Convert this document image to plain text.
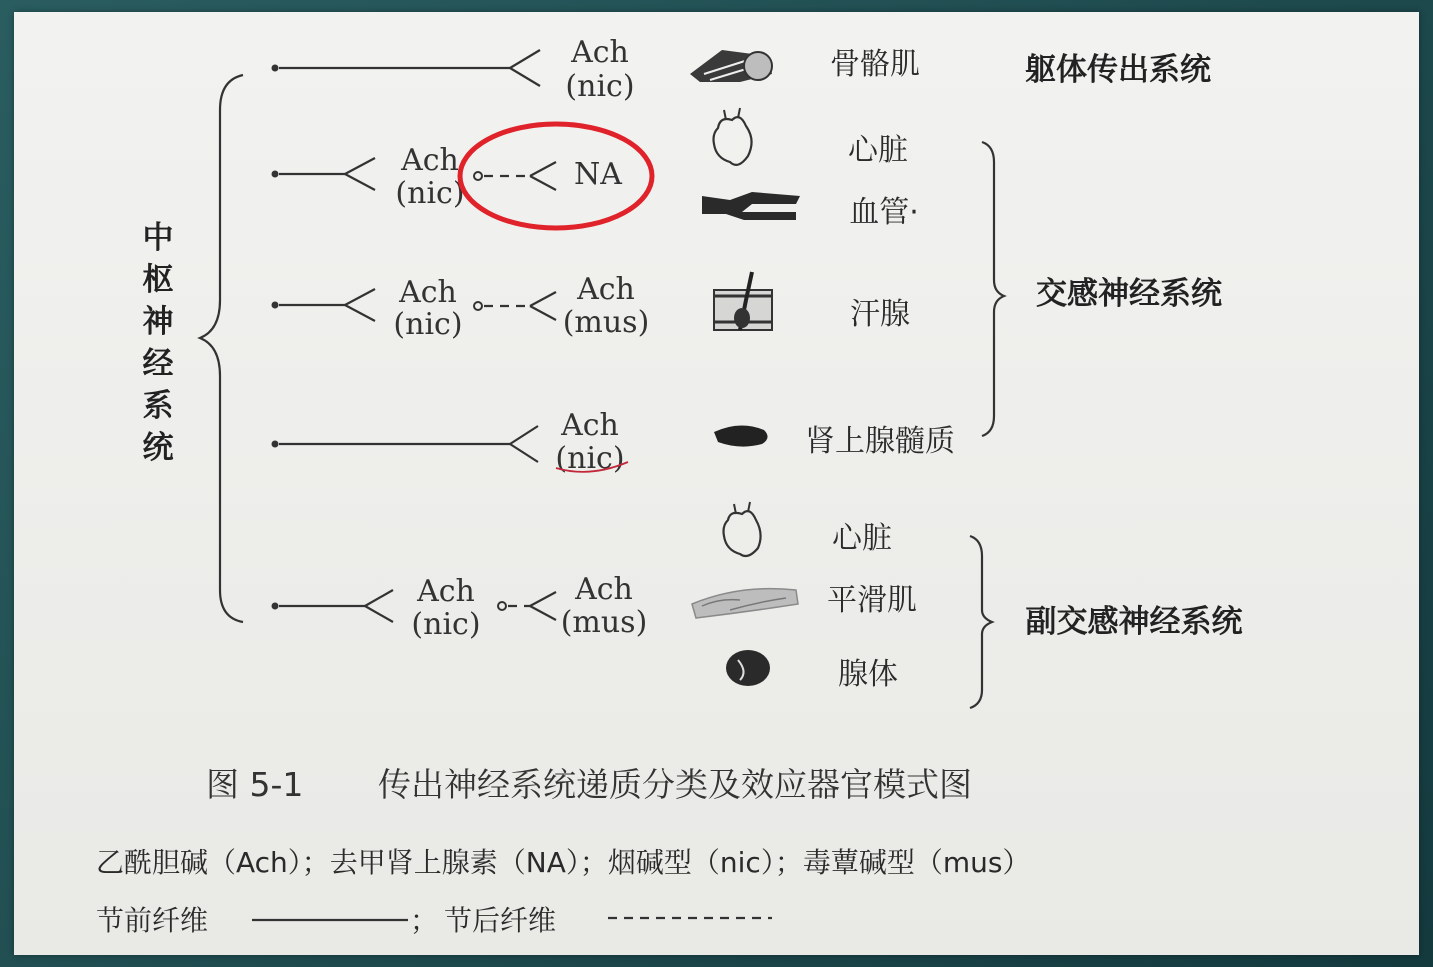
中
枢
神
经
系
统
Ach
(nic)
Ach
(nic)
NA
Ach
(nic)
Ach
(mus)
Ach
(nic)
Ach
(nic)
Ach
(mus)
骨骼肌
心脏
血管·
汗腺
肾上腺髓质
心脏
平滑肌
腺体
躯体传出系统
交感神经系统
副交感神经系统
图 5-1 传出神经系统递质分类及效应器官模式图
乙酰胆碱（Ach）；去甲肾上腺素（NA）；烟碱型（nic）；毒蕈碱型（mus）
节前纤维	； 节后纤维
